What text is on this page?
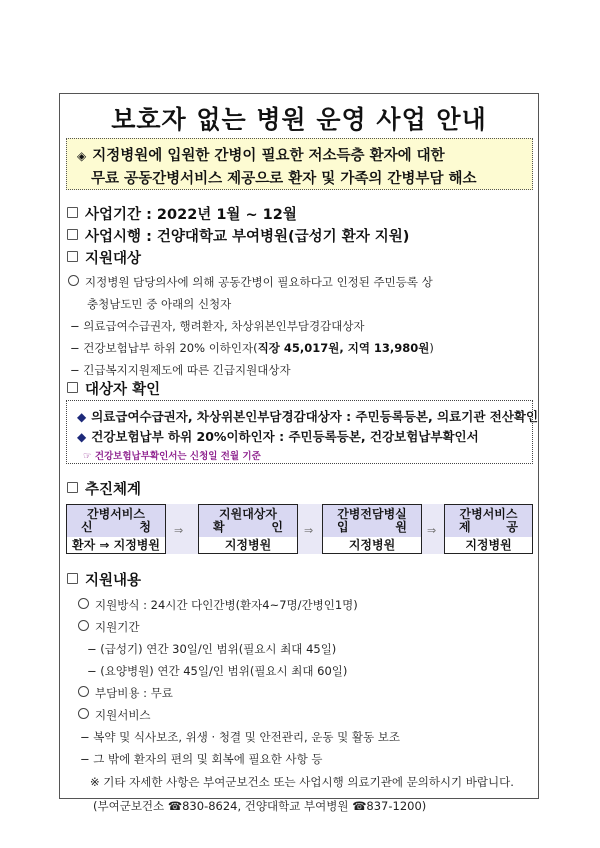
보호자 없는 병원 운영 사업 안내
◈ 지정병원에 입원한 간병이 필요한 저소득층 환자에 대한
무료 공동간병서비스 제공으로 환자 및 가족의 간병부담 해소
사업기간 : 2022년 1월 ~ 12월
사업시행 : 건양대학교 부여병원(급성기 환자 지원)
지원대상
지정병원 담당의사에 의해 공동간병이 필요하다고 인정된 주민등록 상
충청남도민 중 아래의 신청자
− 의료급여수급권자, 행려환자, 차상위본인부담경감대상자
− 건강보험납부 하위 20% 이하인자(직장 45,017원, 지역 13,980원)
− 긴급복지지원제도에 따른 긴급지원대상자
대상자 확인
◆ 의료급여수급권자, 차상위본인부담경감대상자 : 주민등록등본, 의료기관 전산확인
◆ 건강보험납부 하위 20%이하인자 : 주민등록등본, 건강보험납부확인서
☞ 건강보험납부확인서는 신청일 전월 기준
추진체계
간병서비스
신	청
환자 ⇒ 지정병원
⇒
지원대상자
확	인
지정병원
⇒
간병전담병실
입	원
지정병원
⇒
간병서비스
제	공
지정병원
지원내용
지원방식 : 24시간 다인간병(환자4~7명/간병인1명)
지원기간
− (급성기) 연간 30일/인 범위(필요시 최대 45일)
− (요양병원) 연간 45일/인 범위(필요시 최대 60일)
부담비용 : 무료
지원서비스
− 복약 및 식사보조, 위생 · 청결 및 안전관리, 운동 및 활동 보조
− 그 밖에 환자의 편의 및 회복에 필요한 사항 등
※ 기타 자세한 사항은 부여군보건소 또는 사업시행 의료기관에 문의하시기 바랍니다.
(부여군보건소 ☎830-8624, 건양대학교 부여병원 ☎837-1200)
